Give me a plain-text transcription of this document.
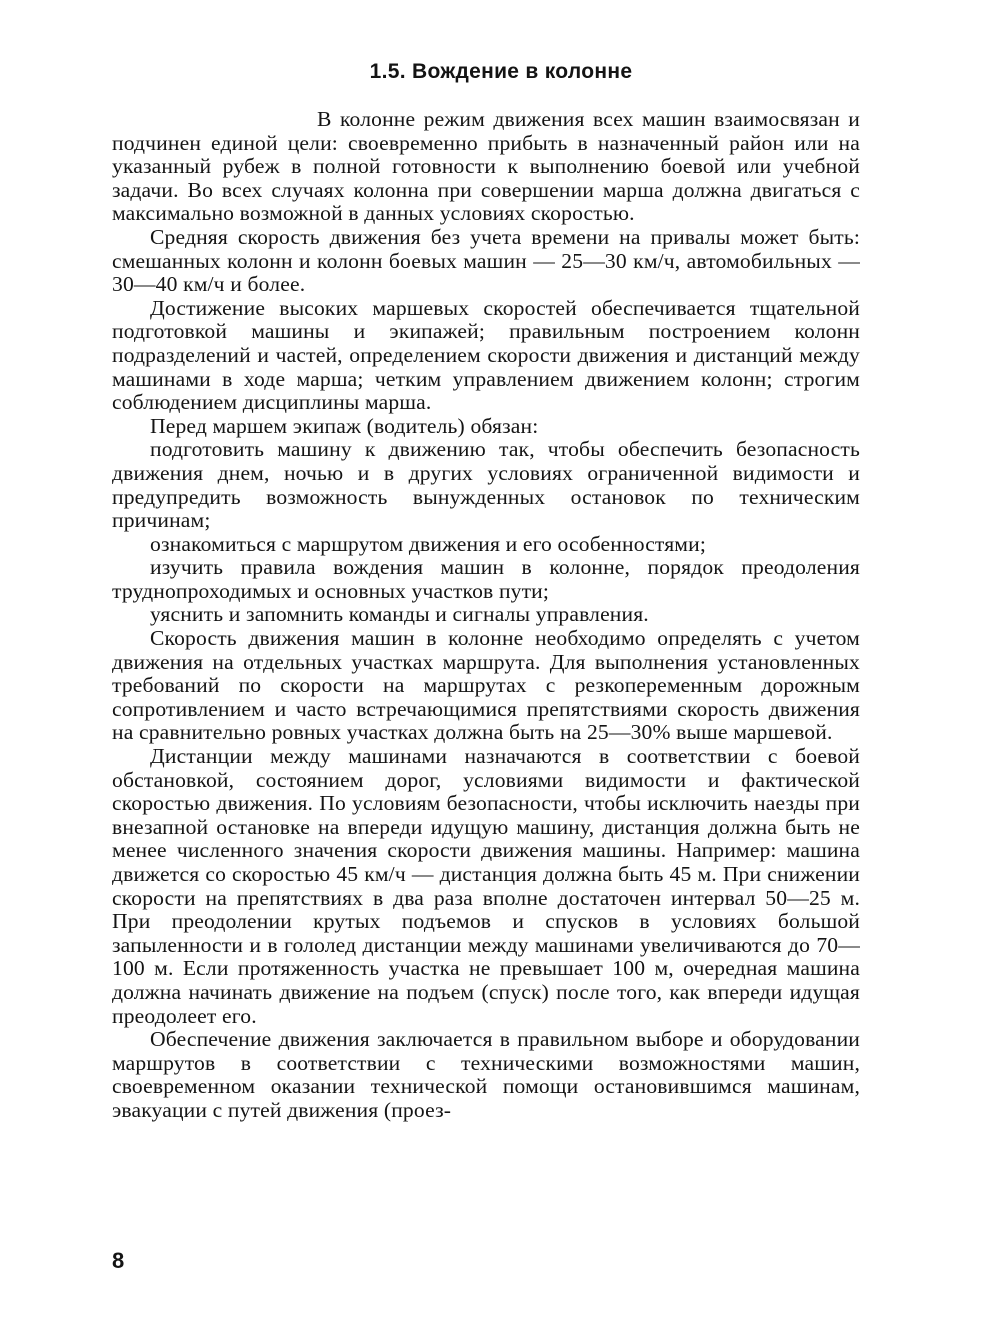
1.5. Вождение в колонне

В колонне режим движения всех машин взаимосвязан и подчинен единой цели: своевременно прибыть в назначенный район или на указанный рубеж в полной готовности к выполнению боевой или учебной задачи. Во всех случаях колонна при совершении марша должна двигаться с максимально возможной в данных условиях скоростью.

Средняя скорость движения без учета времени на привалы может быть: смешанных колонн и колонн боевых машин — 25—30 км/ч, автомобильных — 30—40 км/ч и более.

Достижение высоких маршевых скоростей обеспечивается тщательной подготовкой машины и экипажей; правильным построением колонн подразделений и частей, определением скорости движения и дистанций между машинами в ходе марша; четким управлением движением колонн; строгим соблюдением дисциплины марша.

Перед маршем экипаж (водитель) обязан:

подготовить машину к движению так, чтобы обеспечить безопасность движения днем, ночью и в других условиях ограниченной видимости и предупредить возможность вынужденных остановок по техническим причинам;

ознакомиться с маршрутом движения и его особенностями;

изучить правила вождения машин в колонне, порядок преодоления труднопроходимых и основных участков пути;

уяснить и запомнить команды и сигналы управления.

Скорость движения машин в колонне необходимо определять с учетом движения на отдельных участках маршрута. Для выполнения установленных требований по скорости на маршрутах с резкопеременным дорожным сопротивлением и часто встречающимися препятствиями скорость движения на сравнительно ровных участках должна быть на 25—30% выше маршевой.

Дистанции между машинами назначаются в соответствии с боевой обстановкой, состоянием дорог, условиями видимости и фактической скоростью движения. По условиям безопасности, чтобы исключить наезды при внезапной остановке на впереди идущую машину, дистанция должна быть не менее численного значения скорости движения машины. Например: машина движется со скоростью 45 км/ч — дистанция должна быть 45 м. При снижении скорости на препятствиях в два раза вполне достаточен интервал 50—25 м. При преодолении крутых подъемов и спусков в условиях большой запыленности и в гололед дистанции между машинами увеличиваются до 70—100 м. Если протяженность участка не превышает 100 м, очередная машина должна начинать движение на подъем (спуск) после того, как впереди идущая преодолеет его.

Обеспечение движения заключается в правильном выборе и оборудовании маршрутов в соответствии с техническими возможностями машин, своевременном оказании технической помощи остановившимся машинам, эвакуации с путей движения (проез-

8
